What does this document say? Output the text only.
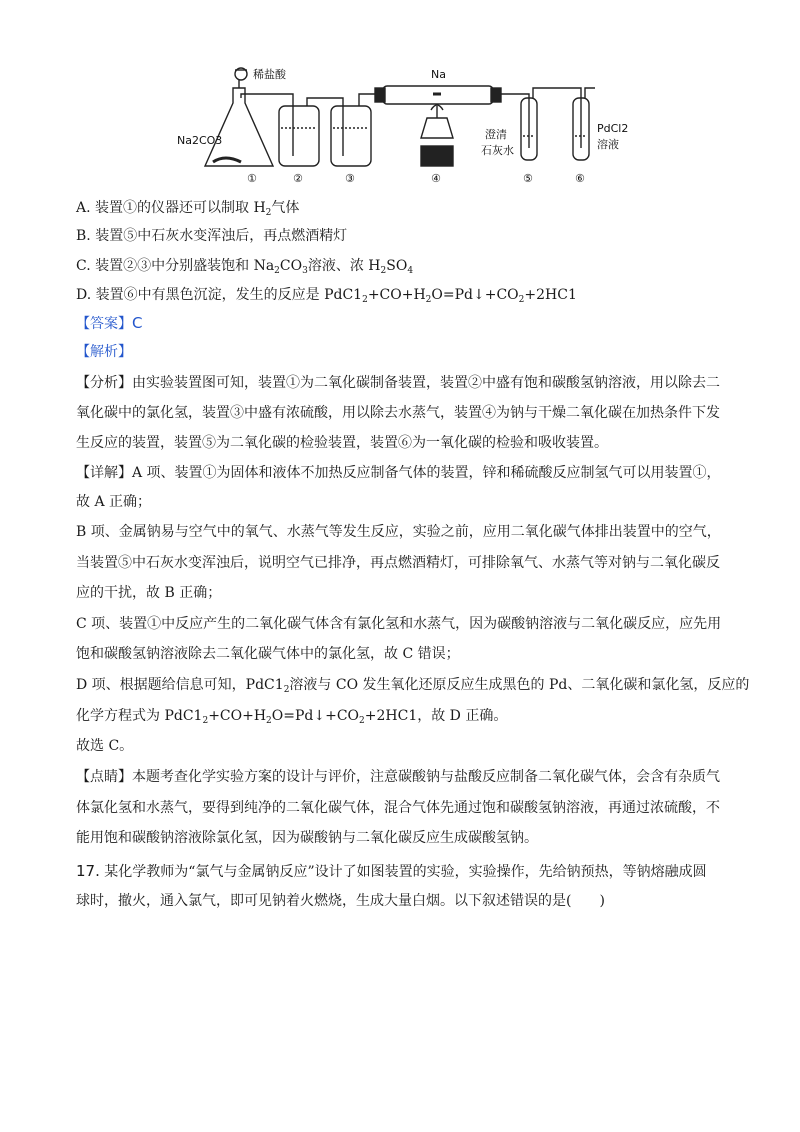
稀盐酸
Na2CO3
Na
澄清
石灰水
PdCl2
溶液
①	②	③	④	⑤	⑥
A. 装置①的仪器还可以制取 $H_2$气体
B. 装置⑤中石灰水变浑浊后，再点燃酒精灯
C. 装置②③中分别盛装饱和 $Na_2CO_3$溶液、浓 $H_2SO_4$
D. 装置⑥中有黑色沉淀，发生的反应是 $PdC1_2+CO+H_2O=Pd↓+CO_2+2HC1$
【答案】C
【解析】
【分析】由实验装置图可知，装置①为二氧化碳制备装置，装置②中盛有饱和碳酸氢钠溶液，用以除去二
氧化碳中的氯化氢，装置③中盛有浓硫酸，用以除去水蒸气，装置④为钠与干燥二氧化碳在加热条件下发
生反应的装置，装置⑤为二氧化碳的检验装置，装置⑥为一氧化碳的检验和吸收装置。
【详解】A 项、装置①为固体和液体不加热反应制备气体的装置，锌和稀硫酸反应制氢气可以用装置①，
故 A 正确；
B 项、金属钠易与空气中的氧气、水蒸气等发生反应，实验之前，应用二氧化碳气体排出装置中的空气，
当装置⑤中石灰水变浑浊后，说明空气已排净，再点燃酒精灯，可排除氧气、水蒸气等对钠与二氧化碳反
应的干扰，故 B 正确；
C 项、装置①中反应产生的二氧化碳气体含有氯化氢和水蒸气，因为碳酸钠溶液与二氧化碳反应，应先用
饱和碳酸氢钠溶液除去二氧化碳气体中的氯化氢，故 C 错误；
D 项、根据题给信息可知，$PdC1_2$溶液与 CO 发生氧化还原反应生成黑色的 Pd、二氧化碳和氯化氢，反应的
化学方程式为 $PdC1_2+CO+H_2O=Pd↓+CO_2+2HC1$，故 D 正确。
故选 C。
【点睛】本题考查化学实验方案的设计与评价，注意碳酸钠与盐酸反应制备二氧化碳气体，会含有杂质气
体氯化氢和水蒸气，要得到纯净的二氧化碳气体，混合气体先通过饱和碳酸氢钠溶液，再通过浓硫酸，不
能用饱和碳酸钠溶液除氯化氢，因为碳酸钠与二氧化碳反应生成碳酸氢钠。
17. 某化学教师为“氯气与金属钠反应”设计了如图装置的实验，实验操作，先给钠预热，等钠熔融成圆
球时，撤火，通入氯气，即可见钠着火燃烧，生成大量白烟。以下叙述错误的是(　　)
